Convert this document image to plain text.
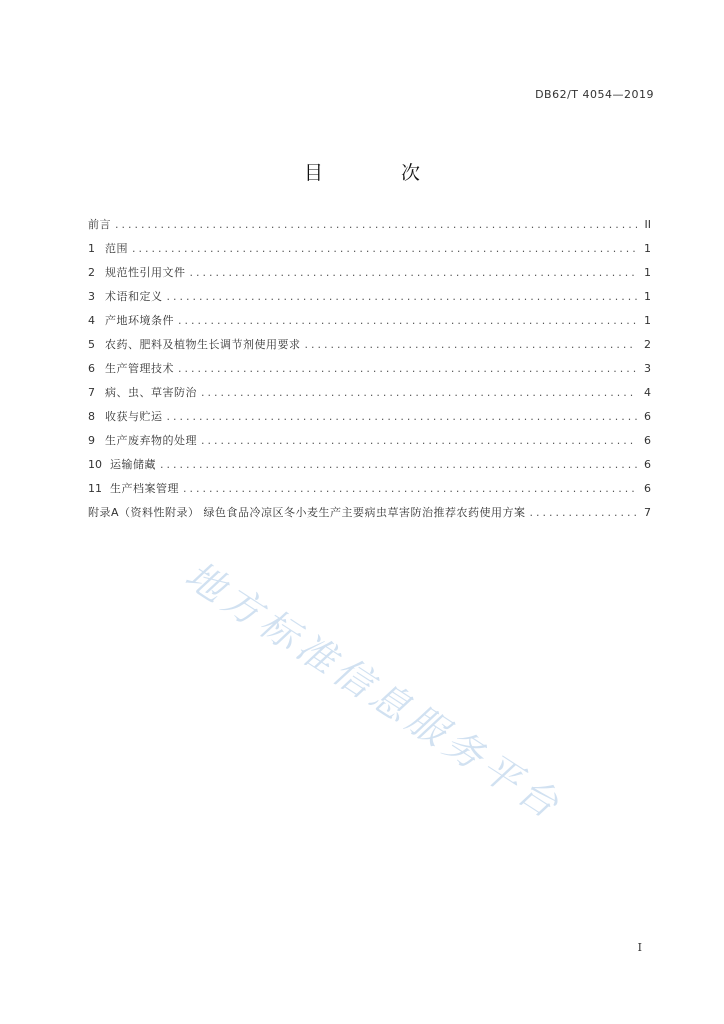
DB62/T 4054—2019
目 次
前言 .....	II
1 范围 .....	1
2 规范性引用文件 .....	1
3 术语和定义 .....	1
4 产地环境条件 .....	1
5 农药、肥料及植物生长调节剂使用要求 .....	2
6 生产管理技术 .....	3
7 病、虫、草害防治 .....	4
8 收获与贮运 .....	6
9 生产废弃物的处理 .....	6
10 运输储藏 .....	6
11 生产档案管理 .....	6
附录A（资料性附录） 绿色食品冷凉区冬小麦生产主要病虫草害防治推荐农药使用方案 .....	7
地方标准信息服务平台
I
